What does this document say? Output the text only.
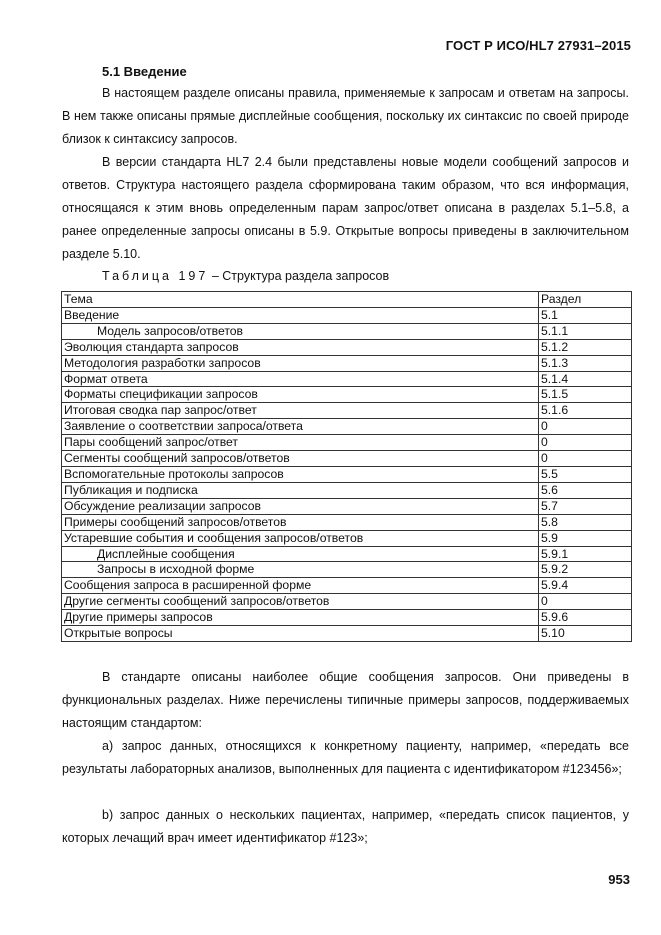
ГОСТ Р ИСО/HL7 27931–2015
5.1 Введение

В настоящем разделе описаны правила, применяемые к запросам и ответам на запросы. В нем также описаны прямые дисплейные сообщения, поскольку их синтаксис по своей природе близок к синтаксису запросов.

В версии стандарта HL7 2.4 были представлены новые модели сообщений запросов и ответов. Структура настоящего раздела сформирована таким образом, что вся информация, относящаяся к этим вновь определенным парам запрос/ответ описана в разделах 5.1–5.8, а ранее определенные запросы описаны в 5.9. Открытые вопросы приведены в заключительном разделе 5.10.

Таблица 197 – Структура раздела запросов
Тема	Раздел
Введение	5.1
Модель запросов/ответов	5.1.1
Эволюция стандарта запросов	5.1.2
Методология разработки запросов	5.1.3
Формат ответа	5.1.4
Форматы спецификации запросов	5.1.5
Итоговая сводка пар запрос/ответ	5.1.6
Заявление о соответствии запроса/ответа	0
Пары сообщений запрос/ответ	0
Сегменты сообщений запросов/ответов	0
Вспомогательные протоколы запросов	5.5
Публикация и подписка	5.6
Обсуждение реализации запросов	5.7
Примеры сообщений запросов/ответов	5.8
Устаревшие события и сообщения запросов/ответов	5.9
Дисплейные сообщения	5.9.1
Запросы в исходной форме	5.9.2
Сообщения запроса в расширенной форме	5.9.4
Другие сегменты сообщений запросов/ответов	0
Другие примеры запросов	5.9.6
Открытые вопросы	5.10

В стандарте описаны наиболее общие сообщения запросов. Они приведены в функциональных разделах. Ниже перечислены типичные примеры запросов, поддерживаемых настоящим стандартом:

а) запрос данных, относящихся к конкретному пациенту, например, «передать все результаты лабораторных анализов, выполненных для пациента с идентификатором #123456»;

b) запрос данных о нескольких пациентах, например, «передать список пациентов, у которых лечащий врач имеет идентификатор #123»;

953
